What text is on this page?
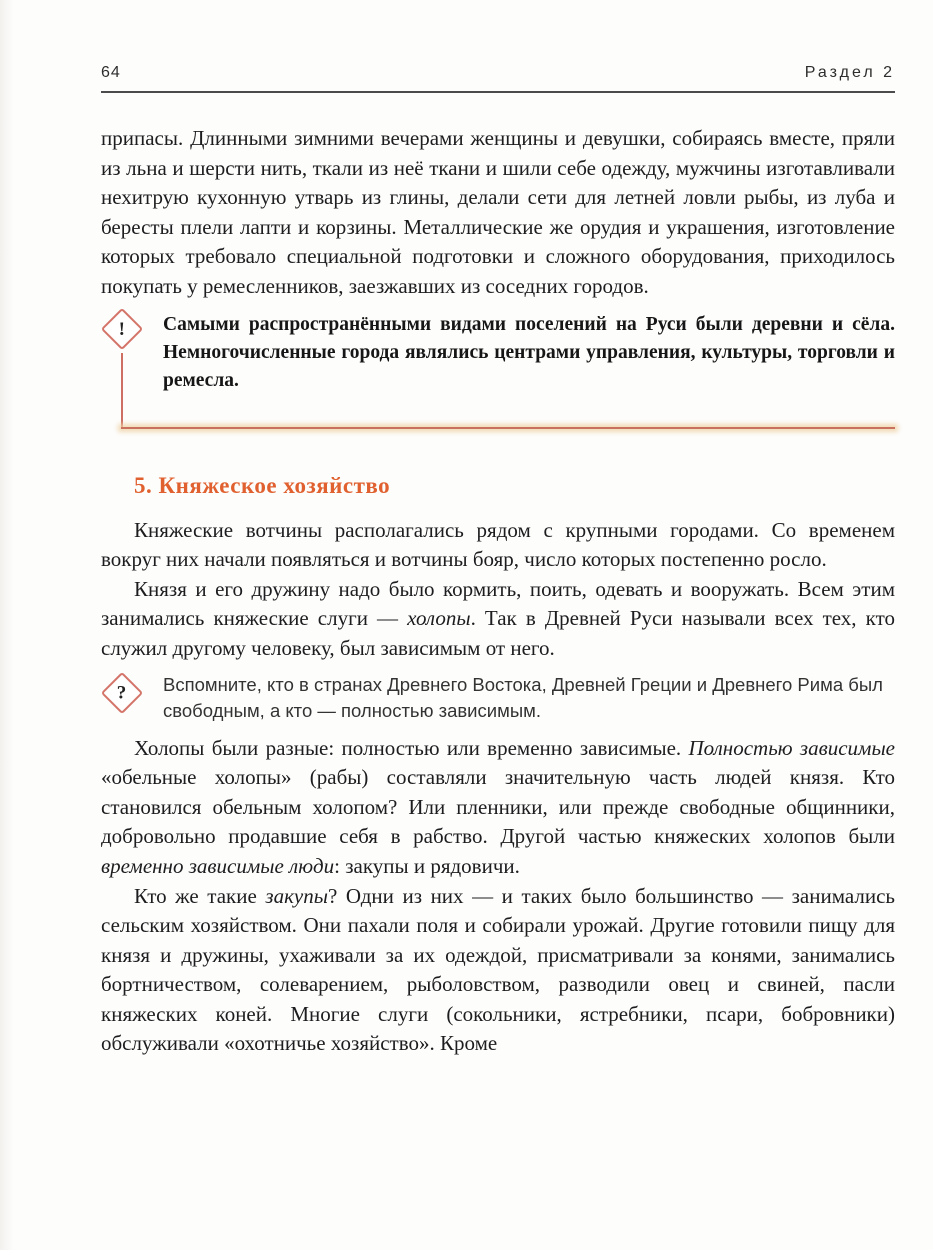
64	Раздел 2

припасы. Длинными зимними вечерами женщины и девушки, собираясь вместе, пряли из льна и шерсти нить, ткали из неё ткани и шили себе одежду, мужчины изготавливали нехитрую кухонную утварь из глины, делали сети для летней ловли рыбы, из луба и бересты плели лапти и корзины. Металлические же орудия и украшения, изготовление которых требовало специальной подготовки и сложного оборудования, приходилось покупать у ремесленников, заезжавших из соседних городов.

! Самыми распространёнными видами поселений на Руси были деревни и сёла. Немногочисленные города являлись центрами управления, культуры, торговли и ремесла.

5. Княжеское хозяйство

Княжеские вотчины располагались рядом с крупными городами. Со временем вокруг них начали появляться и вотчины бояр, число которых постепенно росло.

Князя и его дружину надо было кормить, поить, одевать и вооружать. Всем этим занимались княжеские слуги — холопы. Так в Древней Руси называли всех тех, кто служил другому человеку, был зависимым от него.

? Вспомните, кто в странах Древнего Востока, Древней Греции и Древнего Рима был свободным, а кто — полностью зависимым.

Холопы были разные: полностью или временно зависимые. Полностью зависимые «обельные холопы» (рабы) составляли значительную часть людей князя. Кто становился обельным холопом? Или пленники, или прежде свободные общинники, добровольно продавшие себя в рабство. Другой частью княжеских холопов были временно зависимые люди: закупы и рядовичи.

Кто же такие закупы? Одни из них — и таких было большинство — занимались сельским хозяйством. Они пахали поля и собирали урожай. Другие готовили пищу для князя и дружины, ухаживали за их одеждой, присматривали за конями, занимались бортничеством, солеварением, рыболовством, разводили овец и свиней, пасли княжеских коней. Многие слуги (сокольники, ястребники, псари, бобровники) обслуживали «охотничье хозяйство». Кроме
